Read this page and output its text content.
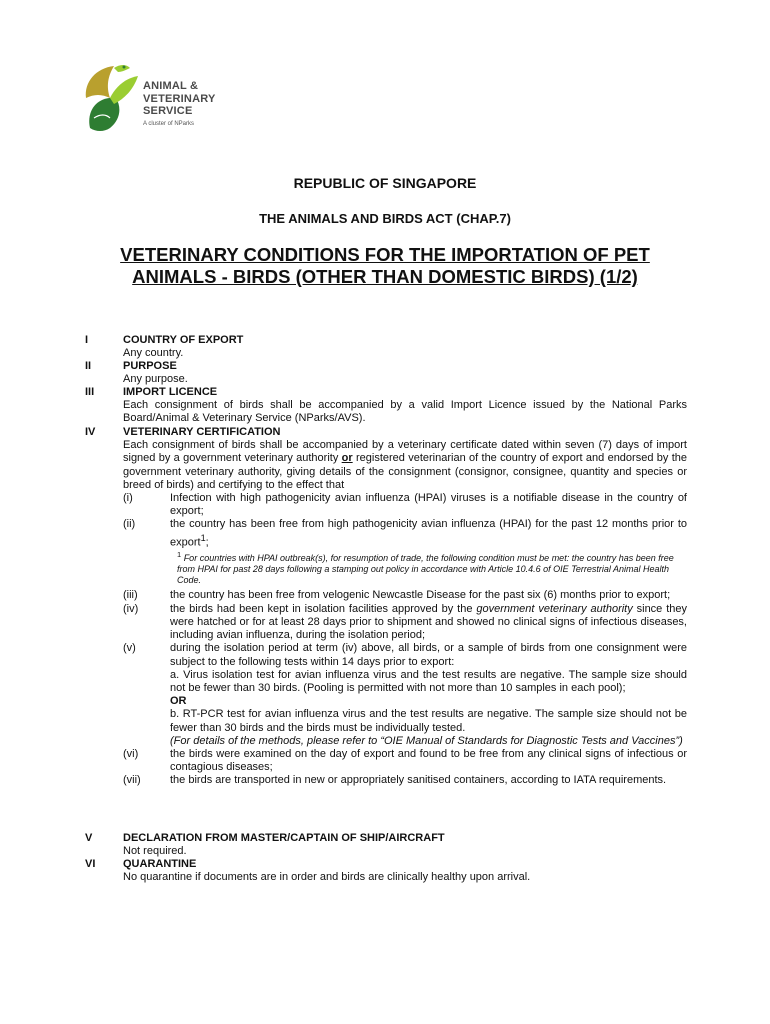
ANIMAL &
VETERINARY
SERVICE
A cluster of NParks
REPUBLIC OF SINGAPORE
THE ANIMALS AND BIRDS ACT (CHAP.7)
VETERINARY CONDITIONS FOR THE IMPORTATION OF PET
ANIMALS - BIRDS (OTHER THAN DOMESTIC BIRDS) (1/2)
I	COUNTRY OF EXPORT
Any country.
II	PURPOSE
Any purpose.
III	IMPORT LICENCE
Each consignment of birds shall be accompanied by a valid Import Licence issued by the National Parks Board/Animal & Veterinary Service (NParks/AVS).
IV	VETERINARY CERTIFICATION
Each consignment of birds shall be accompanied by a veterinary certificate dated within seven (7) days of import signed by a government veterinary authority or registered veterinarian of the country of export and endorsed by the government veterinary authority, giving details of the consignment (consignor, consignee, quantity and species or breed of birds) and certifying to the effect that
(i)	Infection with high pathogenicity avian influenza (HPAI) viruses is a notifiable disease in the country of export;
(ii)	the country has been free from high pathogenicity avian influenza (HPAI) for the past 12 months prior to export$^1$;
$^1$ For countries with HPAI outbreak(s), for resumption of trade, the following condition must be met: the country has been free from HPAI for past 28 days following a stamping out policy in accordance with Article 10.4.6 of OIE Terrestrial Animal Health Code.
(iii)	the country has been free from velogenic Newcastle Disease for the past six (6) months prior to export;
(iv)	the birds had been kept in isolation facilities approved by the government veterinary authority since they were hatched or for at least 28 days prior to shipment and showed no clinical signs of infectious diseases, including avian influenza, during the isolation period;
(v)	during the isolation period at term (iv) above, all birds, or a sample of birds from one consignment were subject to the following tests within 14 days prior to export:
a. Virus isolation test for avian influenza virus and the test results are negative. The sample size should not be fewer than 30 birds. (Pooling is permitted with not more than 10 samples in each pool);
OR
b. RT-PCR test for avian influenza virus and the test results are negative. The sample size should not be fewer than 30 birds and the birds must be individually tested.
(For details of the methods, please refer to “OIE Manual of Standards for Diagnostic Tests and Vaccines”)
(vi)	the birds were examined on the day of export and found to be free from any clinical signs of infectious or contagious diseases;
(vii)	the birds are transported in new or appropriately sanitised containers, according to IATA requirements.
V	DECLARATION FROM MASTER/CAPTAIN OF SHIP/AIRCRAFT
Not required.
VI	QUARANTINE
No quarantine if documents are in order and birds are clinically healthy upon arrival.
